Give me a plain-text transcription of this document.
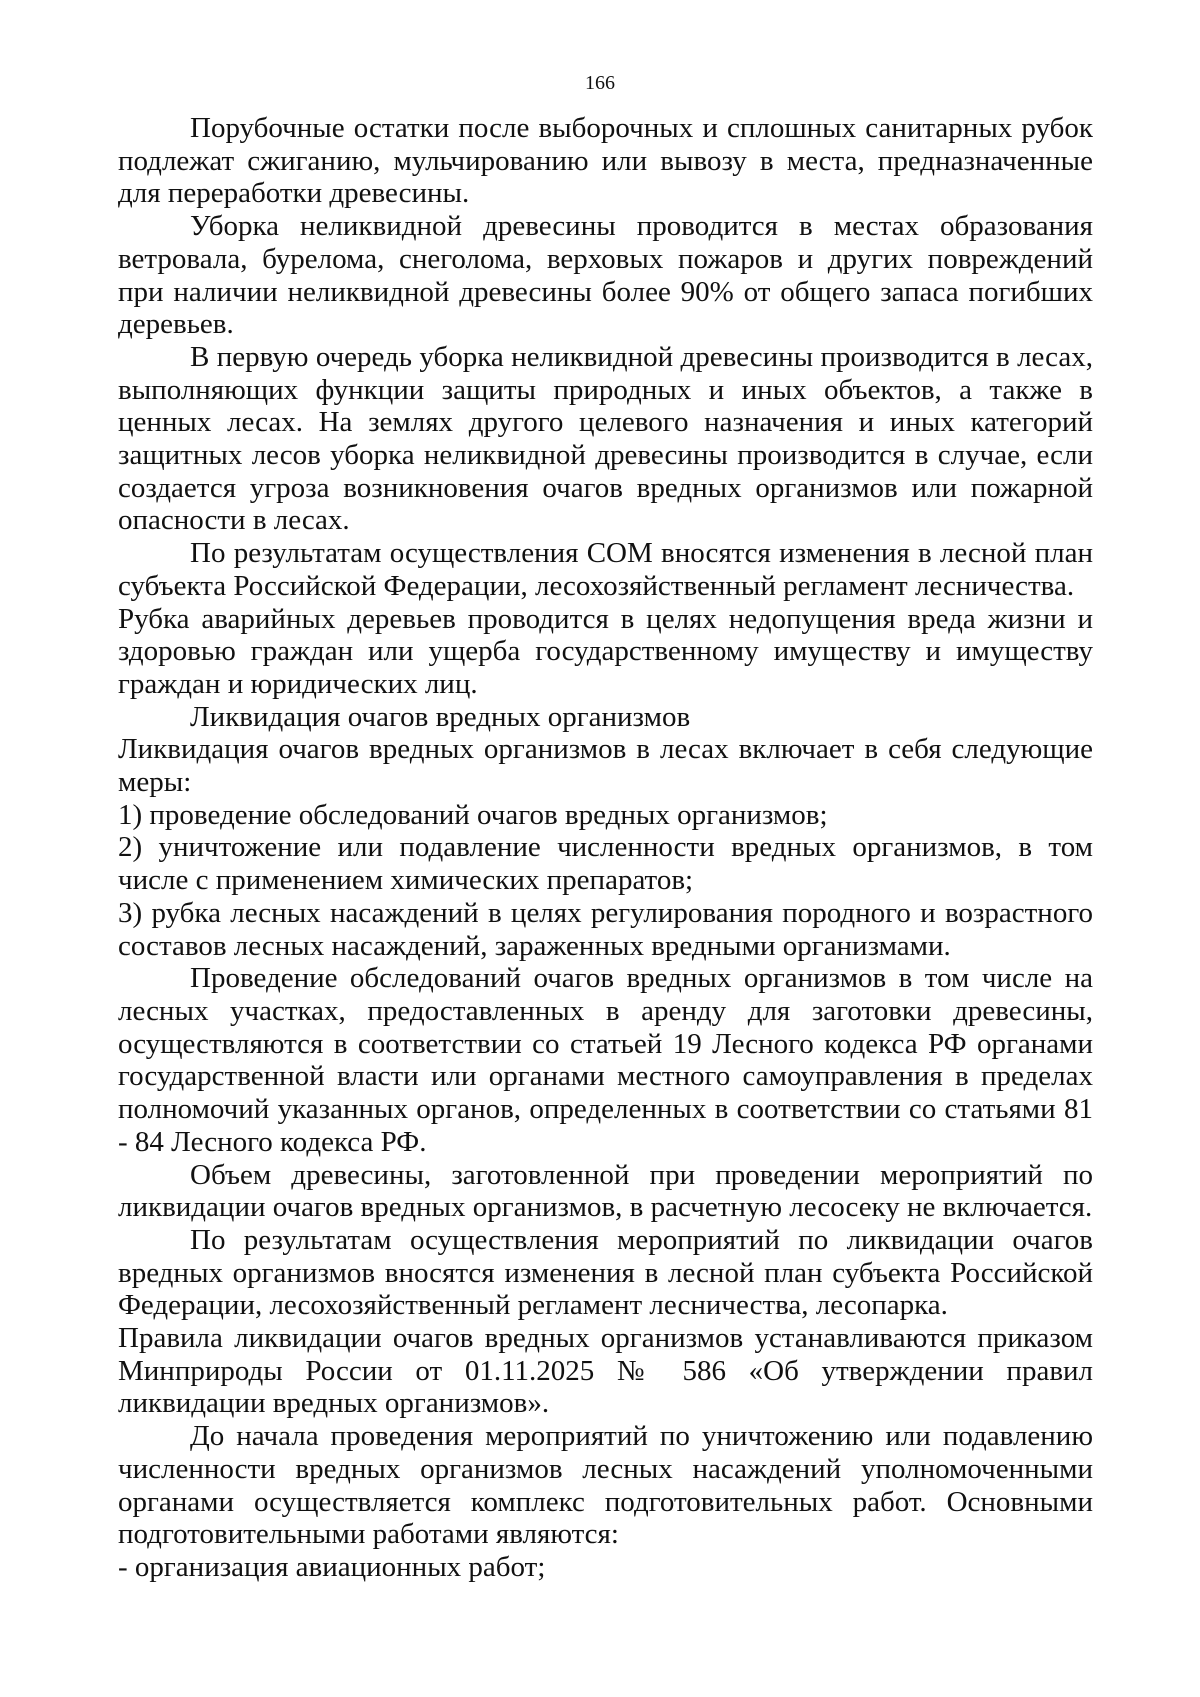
166

Порубочные остатки после выборочных и сплошных санитарных рубок подлежат сжиганию, мульчированию или вывозу в места, предназначенные для переработки древесины.

Уборка неликвидной древесины проводится в местах образования ветровала, бурелома, снеголома, верховых пожаров и других повреждений при наличии неликвидной древесины более 90% от общего запаса погибших деревьев.

В первую очередь уборка неликвидной древесины производится в лесах, выполняющих функции защиты природных и иных объектов, а также в ценных лесах. На землях другого целевого назначения и иных категорий защитных лесов уборка неликвидной древесины производится в случае, если создается угроза возникновения очагов вредных организмов или пожарной опасности в лесах.

По результатам осуществления СОМ вносятся изменения в лесной план субъекта Российской Федерации, лесохозяйственный регламент лесничества.

Рубка аварийных деревьев проводится в целях недопущения вреда жизни и здоровью граждан или ущерба государственному имуществу и имуществу граждан и юридических лиц.

Ликвидация очагов вредных организмов

Ликвидация очагов вредных организмов в лесах включает в себя следующие меры:

1) проведение обследований очагов вредных организмов;

2) уничтожение или подавление численности вредных организмов, в том числе с применением химических препаратов;

3) рубка лесных насаждений в целях регулирования породного и возрастного составов лесных насаждений, зараженных вредными организмами.

Проведение обследований очагов вредных организмов в том числе на лесных участках, предоставленных в аренду для заготовки древесины, осуществляются в соответствии со статьей 19 Лесного кодекса РФ органами государственной власти или органами местного самоуправления в пределах полномочий указанных органов, определенных в соответствии со статьями 81 - 84 Лесного кодекса РФ.

Объем древесины, заготовленной при проведении мероприятий по ликвидации очагов вредных организмов, в расчетную лесосеку не включается.

По результатам осуществления мероприятий по ликвидации очагов вредных организмов вносятся изменения в лесной план субъекта Российской Федерации, лесохозяйственный регламент лесничества, лесопарка.

Правила ликвидации очагов вредных организмов устанавливаются приказом Минприроды России от 01.11.2025 № 586 «Об утверждении правил ликвидации вредных организмов».

До начала проведения мероприятий по уничтожению или подавлению численности вредных организмов лесных насаждений уполномоченными органами осуществляется комплекс подготовительных работ. Основными подготовительными работами являются:

- организация авиационных работ;
